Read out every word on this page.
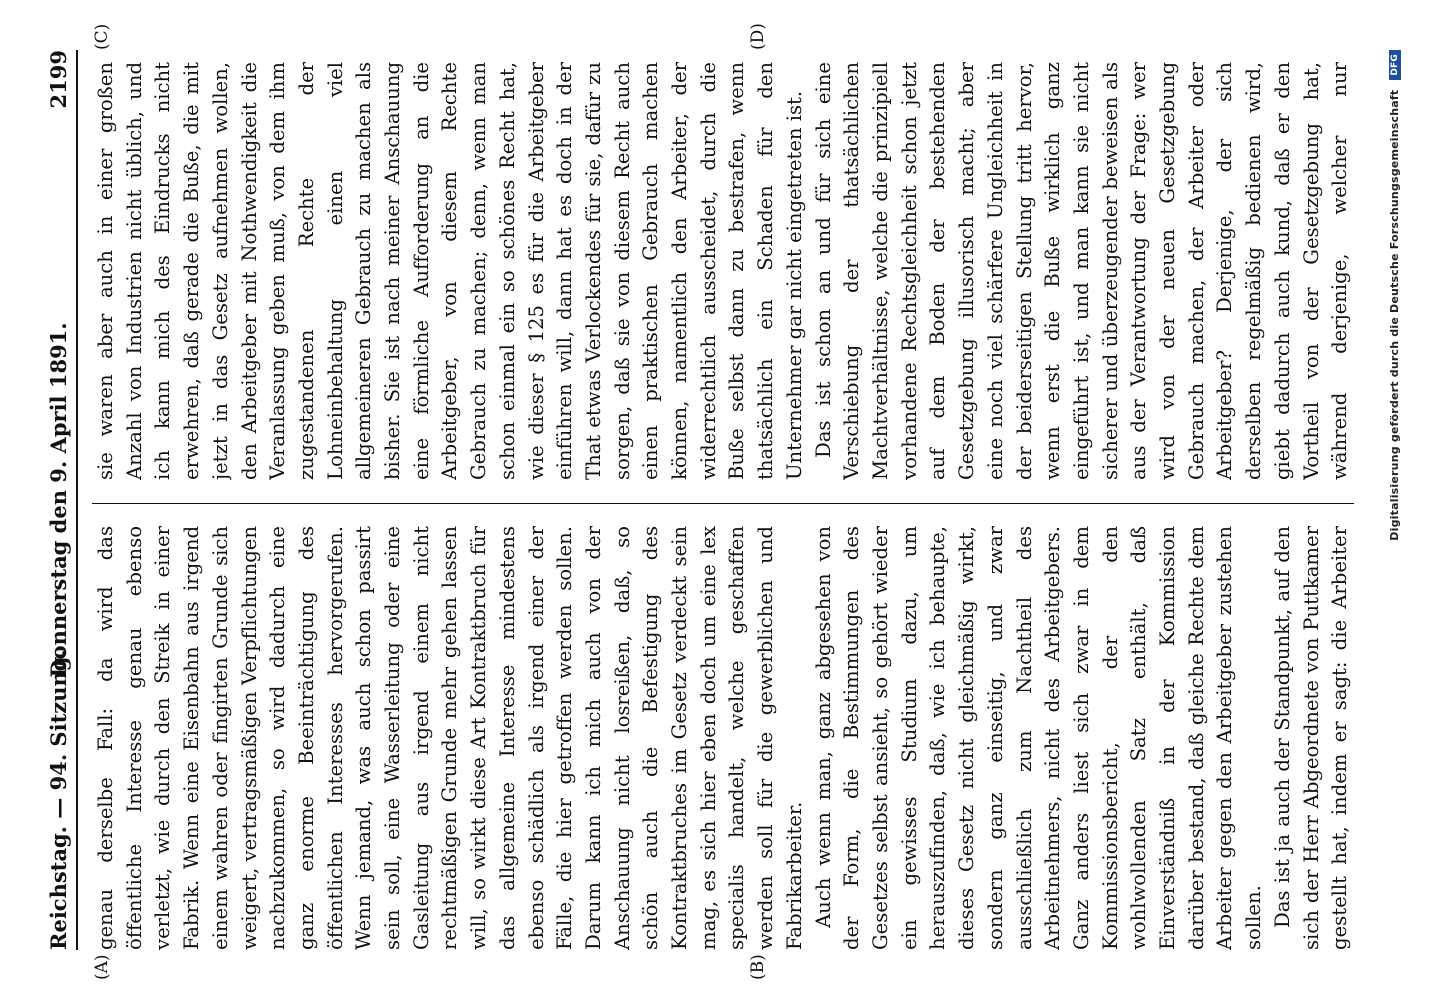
Reichstag. — 94. Sitzung.
Donnerstag den 9. April 1891.
2199
(A)	(B)
(C)	(D)

genau derselbe Fall: da wird das öffentliche Interesse genau ebenso verletzt, wie durch den Streik in einer Fabrik. Wenn eine Eisenbahn aus irgend einem wahren oder fingirten Grunde sich weigert, vertragsmäßigen Verpflichtungen nachzukommen, so wird dadurch eine ganz enorme Beeinträchtigung des öffentlichen Interesses hervorgerufen. Wenn jemand, was auch schon passirt sein soll, eine Wasserleitung oder eine Gasleitung aus irgend einem nicht rechtmäßigen Grunde mehr gehen lassen will, so wirkt diese Art Kontraktbruch für das allgemeine Interesse mindestens ebenso schädlich als irgend einer der Fälle, die hier getroffen werden sollen. Darum kann ich mich auch von der Anschauung nicht losreißen, daß, so schön auch die Befestigung des Kontraktbruches im Gesetz verdeckt sein mag, es sich hier eben doch um eine lex specialis handelt, welche geschaffen werden soll für die gewerblichen und Fabrikarbeiter. Auch wenn man, ganz abgesehen von der Form, die Bestimmungen des Gesetzes selbst ansieht, so gehört wieder ein gewisses Studium dazu, um herauszufinden, daß, wie ich behaupte, dieses Gesetz nicht gleichmäßig wirkt, sondern ganz einseitig, und zwar ausschließlich zum Nachtheil des Arbeitnehmers, nicht des Arbeitgebers. Ganz anders liest sich zwar in dem Kommissionsbericht, der den wohlwollenden Satz enthält, daß Einverständniß in der Kommission darüber bestand, daß gleiche Rechte dem Arbeiter gegen den Arbeitgeber zustehen sollen. Das ist ja auch der Standpunkt, auf den sich der Herr Abgeordnete von Puttkamer gestellt hat, indem er sagt: die Arbeiter

sie waren aber auch in einer großen Anzahl von Industrien nicht üblich, und ich kann mich des Eindrucks nicht erwehren, daß gerade die Buße, die mit jetzt in das Gesetz aufnehmen wollen, den Arbeitgeber mit Nothwendigkeit die Veranlassung geben muß, von dem ihm zugestandenen Rechte der Lohneinbehaltung einen viel allgemeineren Gebrauch zu machen als bisher. Sie ist nach meiner Anschauung eine förmliche Aufforderung an die Arbeitgeber, von diesem Rechte Gebrauch zu machen; denn, wenn man schon einmal ein so schönes Recht hat, wie dieser § 125 es für die Arbeitgeber einführen will, dann hat es doch in der That etwas Verlockendes für sie, dafür zu sorgen, daß sie von diesem Recht auch einen praktischen Gebrauch machen können, namentlich den Arbeiter, der widerrechtlich ausscheidet, durch die Buße selbst dann zu bestrafen, wenn thatsächlich ein Schaden für den Unternehmer gar nicht eingetreten ist. Das ist schon an und für sich eine Verschiebung der thatsächlichen Machtverhältnisse, welche die prinzipiell vorhandene Rechtsgleichheit schon jetzt auf dem Boden der bestehenden Gesetzgebung illusorisch macht; aber eine noch viel schärfere Ungleichheit in der beiderseitigen Stellung tritt hervor, wenn erst die Buße wirklich ganz eingeführt ist, und man kann sie nicht sicherer und überzeugender beweisen als aus der Verantwortung der Frage: wer wird von der neuen Gesetzgebung Gebrauch machen, der Arbeiter oder Arbeitgeber? Derjenige, der sich derselben regelmäßig bedienen wird, giebt dadurch auch kund, daß er den Vortheil von der Gesetzgebung hat, während derjenige, welcher nur

Digitalisierung gefördert durch die Deutsche Forschungsgemeinschaft DFG
